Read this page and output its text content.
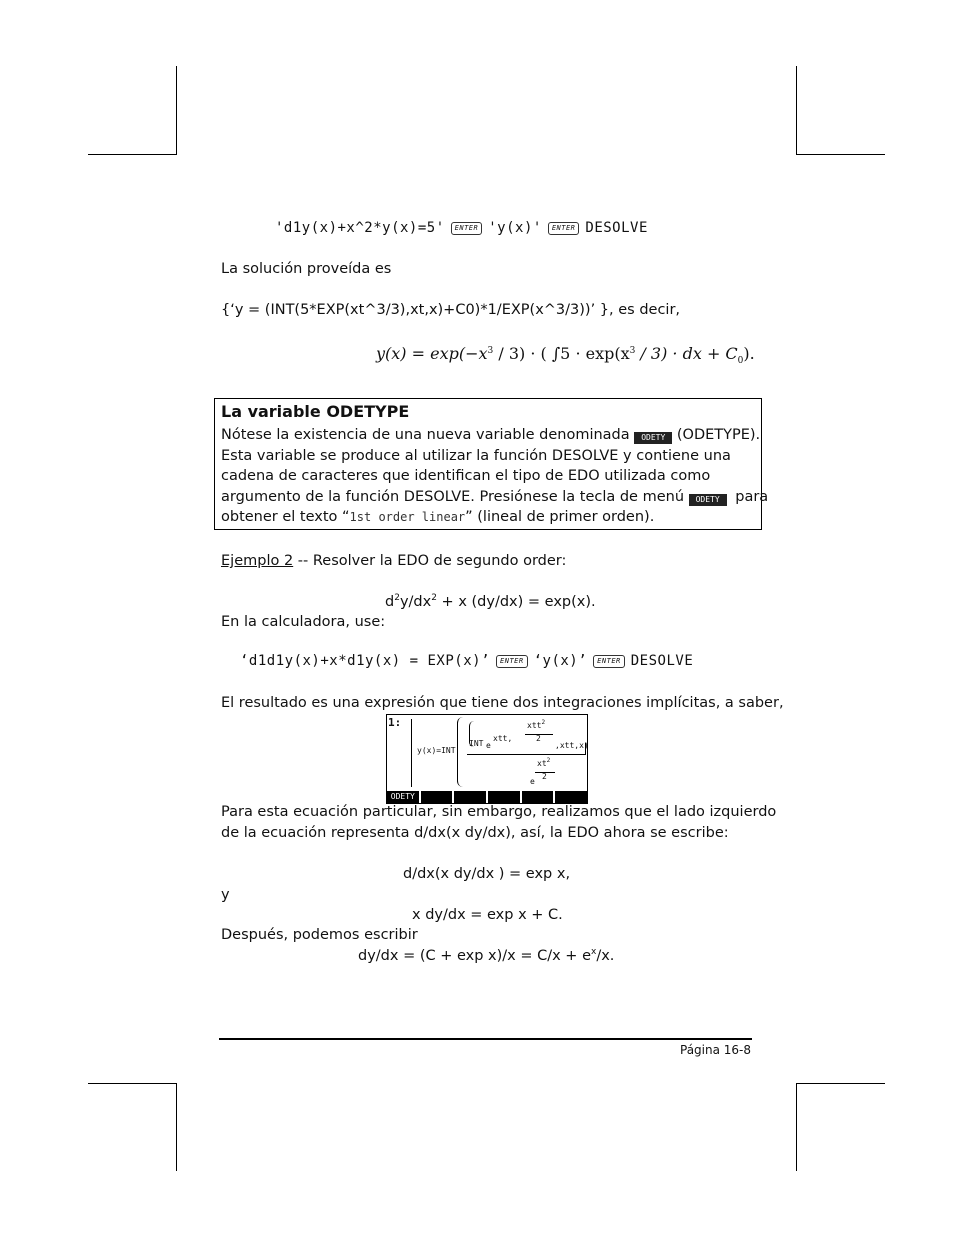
'd1y(x)+x^2*y(x)=5' ENTER 'y(x)' ENTER DESOLVE
La solución proveída es
{‘y = (INT(5*EXP(xt^3/3),xt,x)+C0)*1/EXP(x^3/3))’ }, es decir,
$y(x) = \exp(-x^3 / 3)$ · ( $\int 5 \cdot \exp(x^3 / 3)$ · dx + $C_0$).
La variable ODETYPE
Nótese la existencia de una nueva variable denominada ODETY (ODETYPE).
Esta variable se produce al utilizar la función DESOLVE y contiene una
cadena de caracteres que identifican el tipo de EDO utilizada como
argumento de la función DESOLVE. Presiónese la tecla de menú ODETY para
obtener el texto “1st order linear” (lineal de primer orden).
Ejemplo 2 -- Resolver la EDO de segundo order:
$d^2y/dx^2 + x$ (dy/dx) = exp(x).
En la calculadora, use:
‘d1d1y(x)+x*d1y(x) = EXP(x)’ ENTER ‘y(x)’ ENTER DESOLVE
El resultado es una expresión que tiene dos integraciones implícitas, a saber,
1:
y(x)=INT
INT e
xtt,
xtt$^2$
2
,xtt,x)
$xt^2$
2
e
ODETY
Para esta ecuación particular, sin embargo, realizamos que el lado izquierdo
de la ecuación representa d/dx(x dy/dx), así, la EDO ahora se escribe:
d/dx(x dy/dx ) = exp x,
y
x dy/dx = exp x + C.
Después, podemos escribir
$dy/dx = (C + \exp x)/x = C/x + e^x/x$.
Página 16-8
